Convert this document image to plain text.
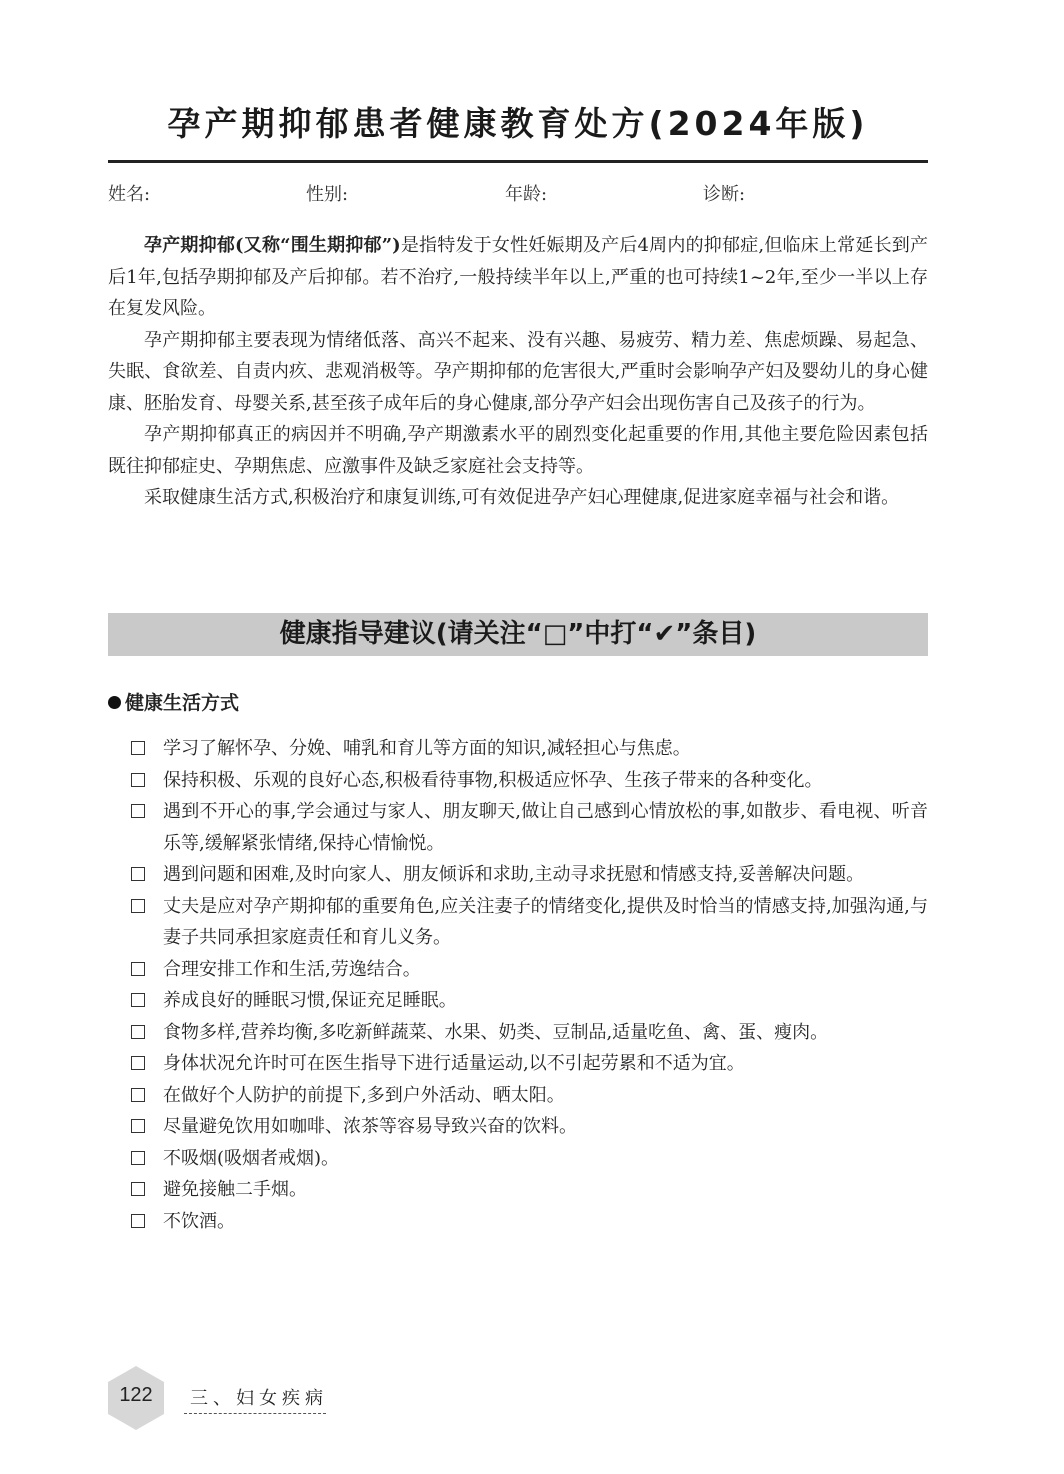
孕产期抑郁患者健康教育处方(2024年版)
姓名:	性别:	年龄:	诊断:

孕产期抑郁(又称“围生期抑郁”)是指特发于女性妊娠期及产后4周内的抑郁症,但临床上常延长到产后1年,包括孕期抑郁及产后抑郁。若不治疗,一般持续半年以上,严重的也可持续1~2年,至少一半以上存在复发风险。

孕产期抑郁主要表现为情绪低落、高兴不起来、没有兴趣、易疲劳、精力差、焦虑烦躁、易起急、失眠、食欲差、自责内疚、悲观消极等。孕产期抑郁的危害很大,严重时会影响孕产妇及婴幼儿的身心健康、胚胎发育、母婴关系,甚至孩子成年后的身心健康,部分孕产妇会出现伤害自己及孩子的行为。

孕产期抑郁真正的病因并不明确,孕产期激素水平的剧烈变化起重要的作用,其他主要危险因素包括既往抑郁症史、孕期焦虑、应激事件及缺乏家庭社会支持等。

采取健康生活方式,积极治疗和康复训练,可有效促进孕产妇心理健康,促进家庭幸福与社会和谐。

健康指导建议(请关注“□”中打“✔”条目)
健康生活方式
学习了解怀孕、分娩、哺乳和育儿等方面的知识,减轻担心与焦虑。
保持积极、乐观的良好心态,积极看待事物,积极适应怀孕、生孩子带来的各种变化。
遇到不开心的事,学会通过与家人、朋友聊天,做让自己感到心情放松的事,如散步、看电视、听音乐等,缓解紧张情绪,保持心情愉悦。
遇到问题和困难,及时向家人、朋友倾诉和求助,主动寻求抚慰和情感支持,妥善解决问题。
丈夫是应对孕产期抑郁的重要角色,应关注妻子的情绪变化,提供及时恰当的情感支持,加强沟通,与妻子共同承担家庭责任和育儿义务。
合理安排工作和生活,劳逸结合。
养成良好的睡眠习惯,保证充足睡眠。
食物多样,营养均衡,多吃新鲜蔬菜、水果、奶类、豆制品,适量吃鱼、禽、蛋、瘦肉。
身体状况允许时可在医生指导下进行适量运动,以不引起劳累和不适为宜。
在做好个人防护的前提下,多到户外活动、晒太阳。
尽量避免饮用如咖啡、浓茶等容易导致兴奋的饮料。
不吸烟(吸烟者戒烟)。
避免接触二手烟。
不饮酒。
122	三、妇女疾病
